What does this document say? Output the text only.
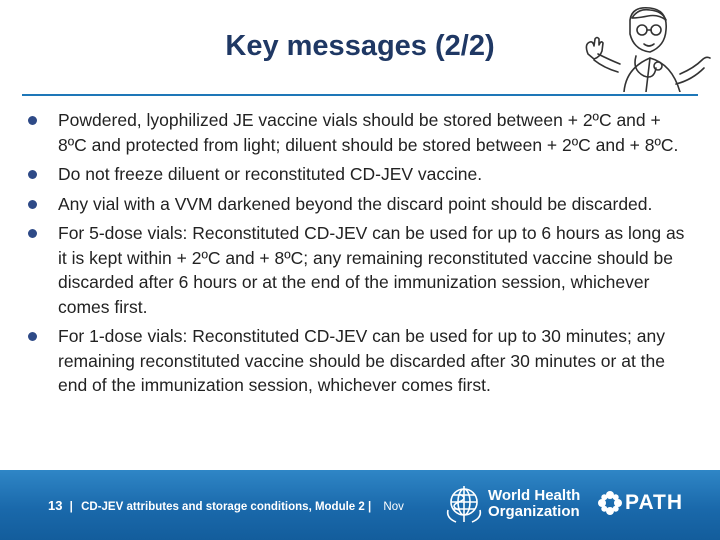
Key messages (2/2)
Powdered, lyophilized JE vaccine vials should be stored between + 2ºC and + 8ºC and protected from light; diluent should be stored between + 2ºC and + 8ºC.
Do not freeze diluent or reconstituted CD-JEV vaccine.
Any vial with a VVM darkened beyond the discard point should be discarded.
For 5-dose vials: Reconstituted CD-JEV can be used for up to 6 hours as long as it is kept within + 2ºC and + 8ºC; any remaining reconstituted vaccine should be discarded after 6 hours or at the end of the immunization session, whichever comes first.
For 1-dose vials: Reconstituted CD-JEV can be used for up to 30 minutes; any remaining reconstituted vaccine should be discarded after 30 minutes or at the end of the immunization session, whichever comes first.
13 | CD-JEV attributes and storage conditions, Module 2 | Nov
World Health
Organization PATH
